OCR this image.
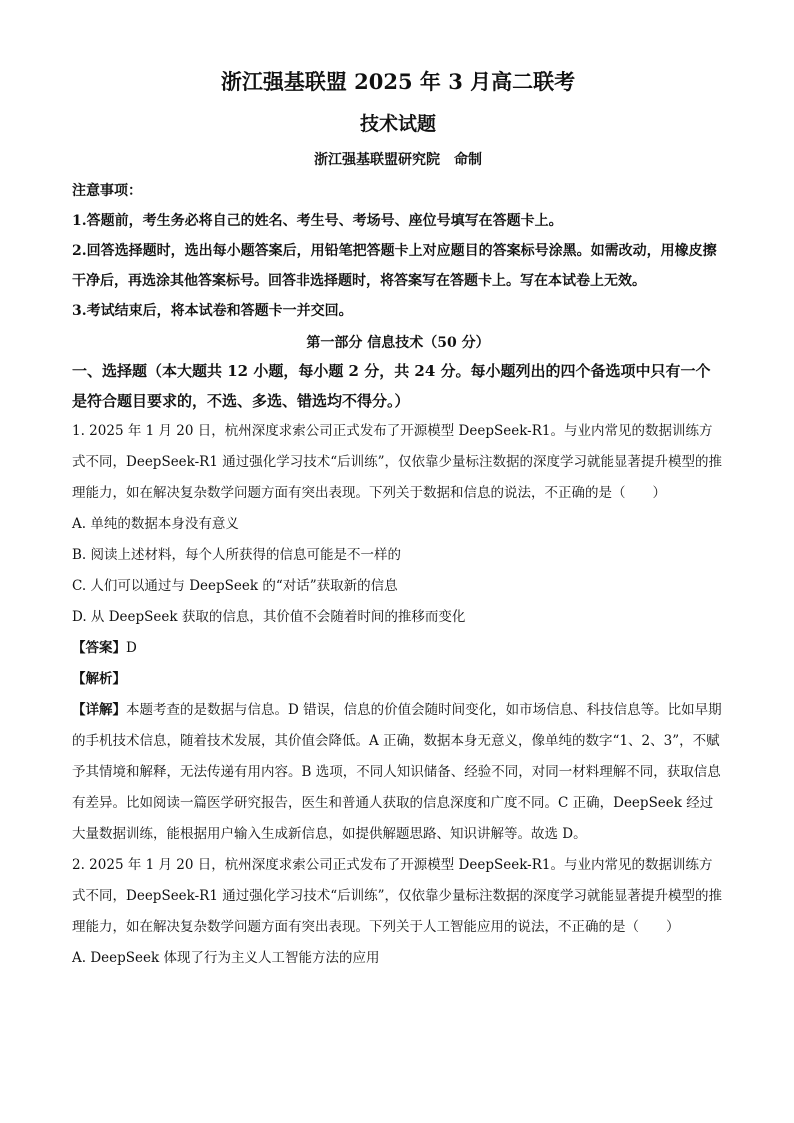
浙江强基联盟 2025 年 3 月高二联考
技术试题
浙江强基联盟研究院　命制

注意事项：

1.答题前，考生务必将自己的姓名、考生号、考场号、座位号填写在答题卡上。

2.回答选择题时，选出每小题答案后，用铅笔把答题卡上对应题目的答案标号涂黑。如需改动，用橡皮擦干净后，再选涂其他答案标号。回答非选择题时，将答案写在答题卡上。写在本试卷上无效。

3.考试结束后，将本试卷和答题卡一并交回。

第一部分 信息技术（50 分）

一、选择题（本大题共 12 小题，每小题 2 分，共 24 分。每小题列出的四个备选项中只有一个是符合题目要求的，不选、多选、错选均不得分。）

1. 2025 年 1 月 20 日，杭州深度求索公司正式发布了开源模型 DeepSeek-R1。与业内常见的数据训练方式不同，DeepSeek-R1 通过强化学习技术“后训练”，仅依靠少量标注数据的深度学习就能显著提升模型的推理能力，如在解决复杂数学问题方面有突出表现。下列关于数据和信息的说法，不正确的是（　　）

A. 单纯的数据本身没有意义

B. 阅读上述材料，每个人所获得的信息可能是不一样的

C. 人们可以通过与 DeepSeek 的“对话”获取新的信息

D. 从 DeepSeek 获取的信息，其价值不会随着时间的推移而变化

【答案】D

【解析】

【详解】本题考查的是数据与信息。D 错误，信息的价值会随时间变化，如市场信息、科技信息等。比如早期的手机技术信息，随着技术发展，其价值会降低。A 正确，数据本身无意义，像单纯的数字“1、2、3”，不赋予其情境和解释，无法传递有用内容。B 选项，不同人知识储备、经验不同，对同一材料理解不同，获取信息有差异。比如阅读一篇医学研究报告，医生和普通人获取的信息深度和广度不同。C 正确，DeepSeek 经过大量数据训练，能根据用户输入生成新信息，如提供解题思路、知识讲解等。故选 D。

2. 2025 年 1 月 20 日，杭州深度求索公司正式发布了开源模型 DeepSeek-R1。与业内常见的数据训练方式不同，DeepSeek-R1 通过强化学习技术“后训练”，仅依靠少量标注数据的深度学习就能显著提升模型的推理能力，如在解决复杂数学问题方面有突出表现。下列关于人工智能应用的说法，不正确的是（　　）

A. DeepSeek 体现了行为主义人工智能方法的应用
